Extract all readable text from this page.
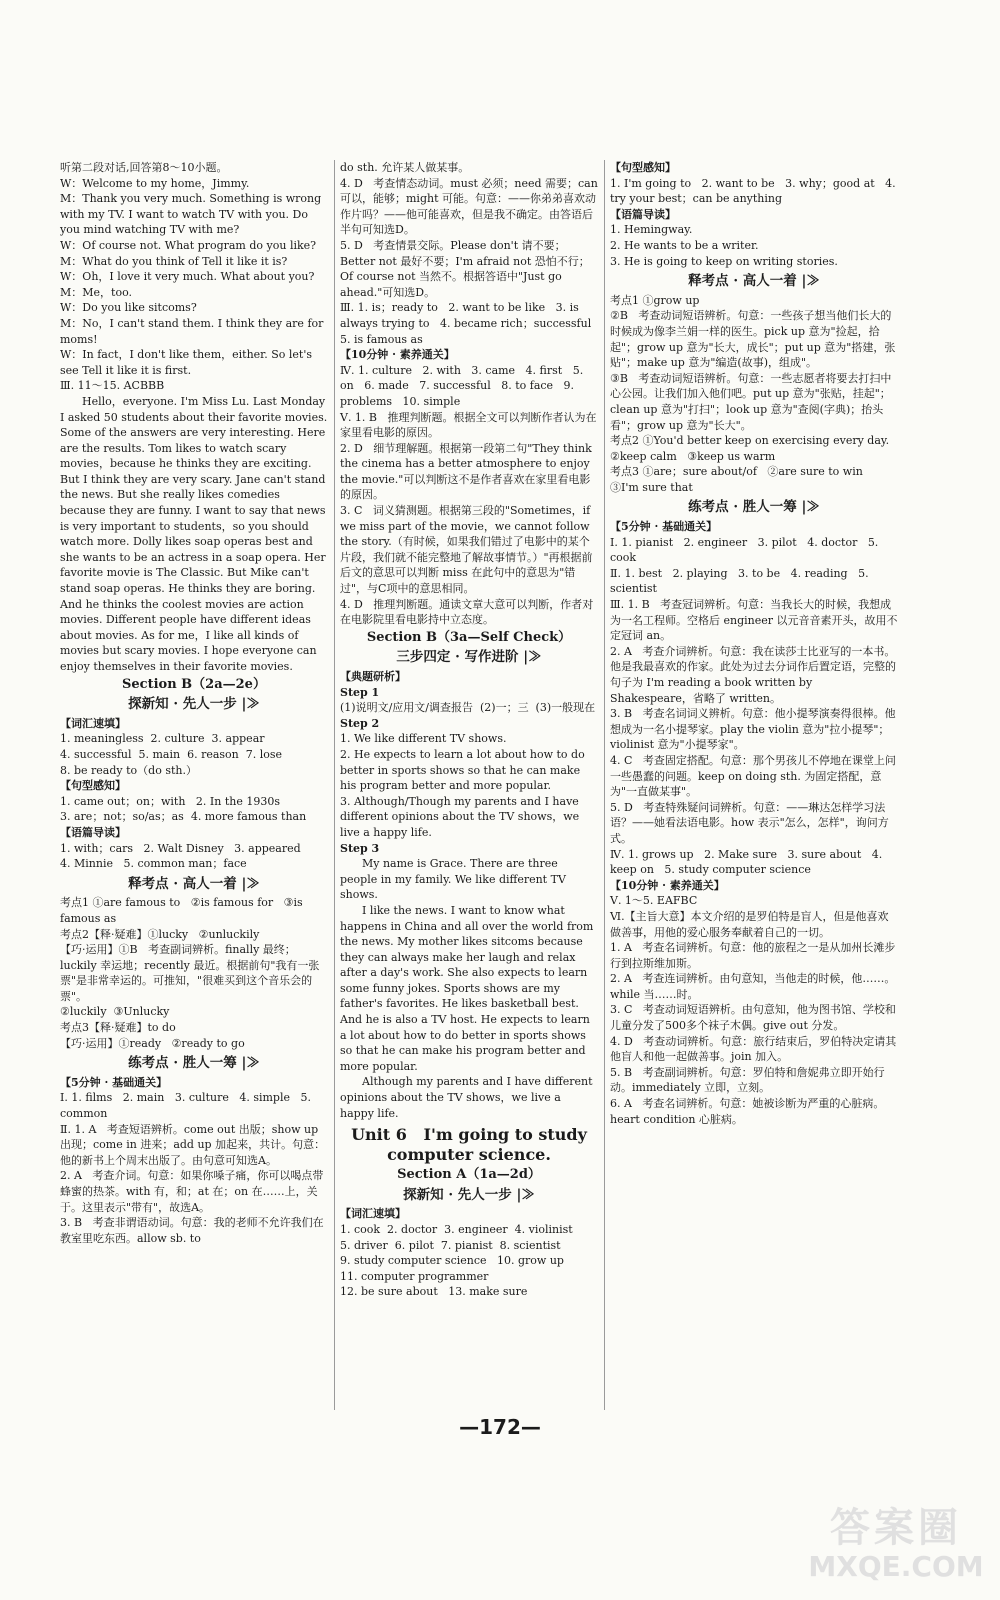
听第二段对话,回答第8～10小题。

W：Welcome to my home，Jimmy.

M：Thank you very much. Something is wrong with my TV. I want to watch TV with you. Do you mind watching TV with me?

W：Of course not. What program do you like?

M：What do you think of Tell it like it is?

W：Oh，I love it very much. What about you?

M：Me，too.

W：Do you like sitcoms?

M：No，I can't stand them. I think they are for moms!

W：In fact，I don't like them，either. So let's see Tell it like it is first.

Ⅲ. 11～15. ACBBB

Hello，everyone. I'm Miss Lu. Last Monday I asked 50 students about their favorite movies. Some of the answers are very interesting. Here are the results. Tom likes to watch scary movies，because he thinks they are exciting. But I think they are very scary. Jane can't stand the news. But she really likes comedies because they are funny. I want to say that news is very important to students，so you should watch more. Dolly likes soap operas best and she wants to be an actress in a soap opera. Her favorite movie is The Classic. But Mike can't stand soap operas. He thinks they are boring. And he thinks the coolest movies are action movies. Different people have different ideas about movies. As for me，I like all kinds of movies but scary movies. I hope everyone can enjoy themselves in their favorite movies.

Section B（2a—2e）

探新知 · 先人一步 |≫

【词汇速填】

1. meaningless  2. culture  3. appear

4. successful  5. main  6. reason  7. lose

8. be ready to（do sth.）

【句型感知】

1. came out；on；with   2. In the 1930s

3. are；not；so/as；as  4. more famous than

【语篇导读】

1. with；cars   2. Walt Disney   3. appeared

4. Minnie   5. common man；face

释考点 · 高人一着 |≫

考点1 ①are famous to   ②is famous for   ③is famous as

考点2【释·疑难】①lucky   ②unluckily

【巧·运用】①B   考查副词辨析。finally 最终；luckily 幸运地；recently 最近。根据前句"我有一张票"是非常幸运的。可推知，"很难买到这个音乐会的票"。

②luckily  ③Unlucky

考点3【释·疑难】to do

【巧·运用】①ready   ②ready to go

练考点 · 胜人一筹 |≫

【5分钟 · 基础通关】

Ⅰ. 1. films   2. main   3. culture   4. simple   5. common

Ⅱ. 1. A   考查短语辨析。come out 出版；show up 出现；come in 进来；add up 加起来，共计。句意：他的新书上个周末出版了。由句意可知选A。

2. A   考查介词。句意：如果你嗓子痛，你可以喝点带蜂蜜的热茶。with 有，和；at 在；on 在……上，关于。这里表示"带有"，故选A。

3. B   考查非谓语动词。句意：我的老师不允许我们在教室里吃东西。allow sb. to

do sth. 允许某人做某事。

4. D   考查情态动词。must 必须；need 需要；can 可以，能够；might 可能。句意：——你弟弟喜欢动作片吗？——他可能喜欢，但是我不确定。由答语后半句可知选D。

5. D   考查情景交际。Please don't 请不要；Better not 最好不要；I'm afraid not 恐怕不行；Of course not 当然不。根据答语中"Just go ahead."可知选D。

Ⅲ. 1. is；ready to   2. want to be like   3. is always trying to   4. became rich；successful   5. is famous as

【10分钟 · 素养通关】

Ⅳ. 1. culture   2. with   3. came   4. first   5. on   6. made   7. successful   8. to face   9. problems   10. simple

Ⅴ. 1. B   推理判断题。根据全文可以判断作者认为在家里看电影的原因。

2. D   细节理解题。根据第一段第二句"They think the cinema has a better atmosphere to enjoy the movie."可以判断这不是作者喜欢在家里看电影的原因。

3. C   词义猜测题。根据第三段的"Sometimes，if we miss part of the movie，we cannot follow the story.（有时候，如果我们错过了电影中的某个片段，我们就不能完整地了解故事情节。）"再根据前后文的意思可以判断 miss 在此句中的意思为"错过"，与C项中的意思相同。

4. D   推理判断题。通读文章大意可以判断，作者对在电影院里看电影持中立态度。

Section B（3a—Self Check）

三步四定 · 写作进阶 |≫

【典题研析】

Step 1

(1)说明文/应用文/调查报告  (2)一；三  (3)一般现在

Step 2

1. We like different TV shows.

2. He expects to learn a lot about how to do better in sports shows so that he can make his program better and more popular.

3. Although/Though my parents and I have different opinions about the TV shows，we live a happy life.

Step 3

My name is Grace. There are three people in my family. We like different TV shows.

I like the news. I want to know what happens in China and all over the world from the news. My mother likes sitcoms because they can always make her laugh and relax after a day's work. She also expects to learn some funny jokes. Sports shows are my father's favorites. He likes basketball best. And he is also a TV host. He expects to learn a lot about how to do better in sports shows so that he can make his program better and more popular.

Although my parents and I have different opinions about the TV shows，we live a happy life.

Unit 6   I'm going to study computer science.

Section A（1a—2d）

探新知 · 先人一步 |≫

【词汇速填】

1. cook  2. doctor  3. engineer  4. violinist

5. driver  6. pilot  7. pianist  8. scientist

9. study computer science   10. grow up

11. computer programmer

12. be sure about   13. make sure

【句型感知】

1. I'm going to   2. want to be   3. why；good at   4. try your best；can be anything

【语篇导读】

1. Hemingway.

2. He wants to be a writer.

3. He is going to keep on writing stories.

释考点 · 高人一着 |≫

考点1 ①grow up

②B   考查动词短语辨析。句意：一些孩子想当他们长大的时候成为像李兰娟一样的医生。pick up 意为"捡起，拾起"；grow up 意为"长大，成长"；put up 意为"搭建，张贴"；make up 意为"编造(故事)，组成"。

③B   考查动词短语辨析。句意：一些志愿者将要去打扫中心公园。让我们加入他们吧。put up 意为"张贴，挂起"；clean up 意为"打扫"；look up 意为"查阅(字典)；抬头看"；grow up 意为"长大"。

考点2 ①You'd better keep on exercising every day.   ②keep calm   ③keep us warm

考点3 ①are；sure about/of   ②are sure to win   ③I'm sure that

练考点 · 胜人一筹 |≫

【5分钟 · 基础通关】

Ⅰ. 1. pianist   2. engineer   3. pilot   4. doctor   5. cook

Ⅱ. 1. best   2. playing   3. to be   4. reading   5. scientist

Ⅲ. 1. B   考查冠词辨析。句意：当我长大的时候，我想成为一名工程师。空格后 engineer 以元音音素开头，故用不定冠词 an。

2. A   考查介词辨析。句意：我在读莎士比亚写的一本书。他是我最喜欢的作家。此处为过去分词作后置定语，完整的句子为 I'm reading a book written by Shakespeare，省略了 written。

3. B   考查名词词义辨析。句意：他小提琴演奏得很棒。他想成为一名小提琴家。play the violin 意为"拉小提琴"；violinist 意为"小提琴家"。

4. C   考查固定搭配。句意：那个男孩儿不停地在课堂上问一些愚蠢的问题。keep on doing sth. 为固定搭配，意为"一直做某事"。

5. D   考查特殊疑问词辨析。句意：——琳达怎样学习法语？——她看法语电影。how 表示"怎么，怎样"，询问方式。

Ⅳ. 1. grows up   2. Make sure   3. sure about   4. keep on   5. study computer science

【10分钟 · 素养通关】

Ⅴ. 1～5. EAFBC

Ⅵ.【主旨大意】本文介绍的是罗伯特是盲人，但是他喜欢做善事，用他的爱心服务奉献着自己的一切。

1. A   考查名词辨析。句意：他的旅程之一是从加州长滩步行到拉斯维加斯。

2. A   考查连词辨析。由句意知，当他走的时候，他……。while 当……时。

3. C   考查动词短语辨析。由句意知，他为图书馆、学校和儿童分发了500多个袜子木偶。give out 分发。

4. D   考查动词辨析。句意：旅行结束后，罗伯特决定请其他盲人和他一起做善事。join 加入。

5. B   考查副词辨析。句意：罗伯特和詹妮弗立即开始行动。immediately 立即，立刻。

6. A   考查名词辨析。句意：她被诊断为严重的心脏病。heart condition 心脏病。

—172—
答案圈
MXQE.COM
